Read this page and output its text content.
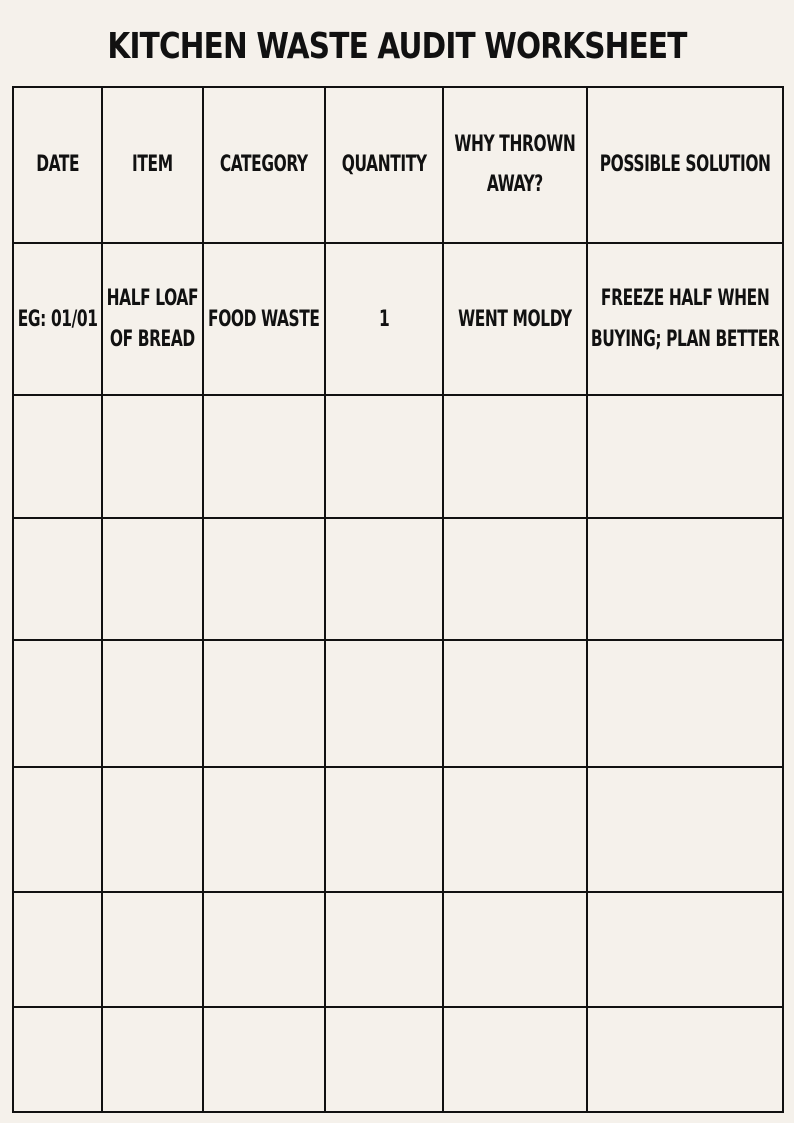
KITCHEN WASTE AUDIT WORKSHEET
DATE	ITEM	CATEGORY	QUANTITY	WHY THROWN AWAY?	POSSIBLE SOLUTION
EG: 01/01	HALF LOAF OF BREAD	FOOD WASTE	1	WENT MOLDY	FREEZE HALF WHEN BUYING; PLAN BETTER
